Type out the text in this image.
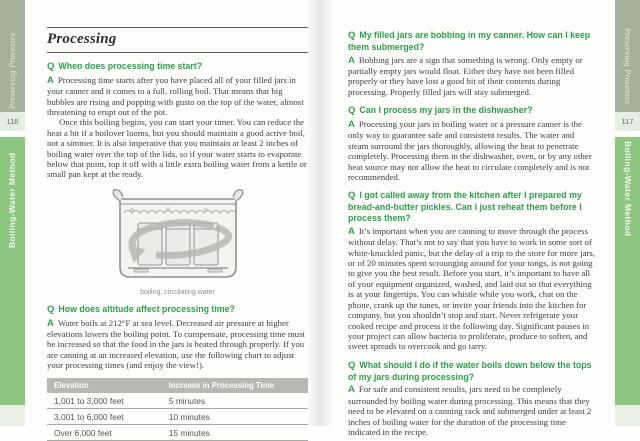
116
Preserving Processes
Boiling-Water Method
117
Preserving Processes
Boiling-Water Method
Processing

Q When does processing time start?

A Processing time starts after you have placed all of your filled jars in your canner and it comes to a full, rolling boil. That means that big bubbles are rising and popping with gusto on the top of the water, almost threatening to erupt out of the pot.

Once this boiling begins, you can start your timer. You can reduce the heat a bit if a boilover looms, but you should maintain a good active boil, not a simmer. It is also imperative that you maintain at least 2 inches of boiling water over the top of the lids, so if your water starts to evaporate below that point, top it off with a little extra boiling water from a kettle or small pan kept at the ready.

boiling, circulating water

Q How does altitude affect processing time?

A Water boils at 212°F at sea level. Decreased air pressure at higher elevations lowers the boiling point. To compensate, processing time must be increased so that the food in the jars is heated through properly. If you are canning at an increased elevation, use the following chart to adjust your processing times (and enjoy the view!).

Elevation	Increase in Processing Time
1,001 to 3,000 feet	5 minutes
3,001 to 6,000 feet	10 minutes
Over 6,000 feet	15 minutes

Q My filled jars are bobbing in my canner. How can I keep them submerged?

A Bobbing jars are a sign that something is wrong. Only empty or partially empty jars would float. Either they have not been filled properly or they have lost a good bit of their contents during processing. Properly filled jars will stay submerged.

Q Can I process my jars in the dishwasher?

A Processing your jars in boiling water or a pressure canner is the only way to guarantee safe and consistent results. The water and steam surround the jars thoroughly, allowing the heat to penetrate completely. Processing them in the dishwasher, oven, or by any other heat source may not allow the heat to circulate completely and is not recommended.

Q I got called away from the kitchen after I prepared my bread-and-butter pickles. Can I just reheat them before I process them?

A It’s important when you are canning to move through the process without delay. That’s not to say that you have to work in some sort of white-knuckled panic, but the delay of a trip to the store for more jars, or of 20 minutes spent scrounging around for your tongs, is not going to give you the best result. Before you start, it’s important to have all of your equipment organized, washed, and laid out so that everything is at your fingertips. You can whistle while you work, chat on the phone, crank up the tunes, or invite your friends into the kitchen for company, but you shouldn’t stop and start. Never refrigerate your cooked recipe and process it the following day. Significant pauses in your project can allow bacteria to proliferate, produce to soften, and sweet spreads to overcook and go tarry.

Q What should I do if the water boils down below the tops of my jars during processing?

A For safe and consistent results, jars need to be completely surrounded by boiling water during processing. This means that they need to be elevated on a canning rack and submerged under at least 2 inches of boiling water for the duration of the processing time indicated in the recipe.
